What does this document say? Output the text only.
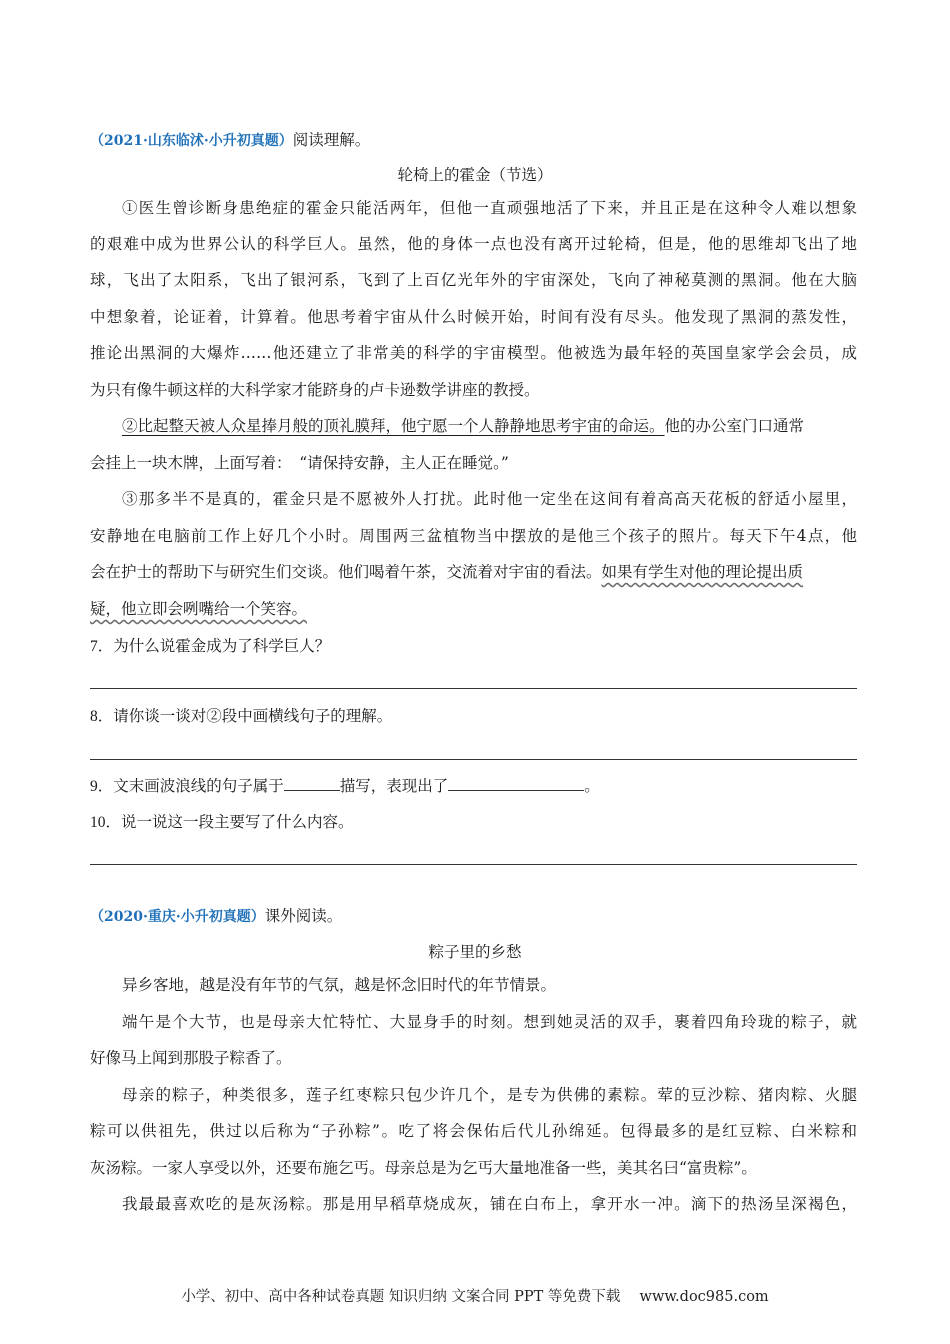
（2021·山东临沭·小升初真题）阅读理解。
轮椅上的霍金（节选）
①医生曾诊断身患绝症的霍金只能活两年，但他一直顽强地活了下来，并且正是在这种令人难以想象
的艰难中成为世界公认的科学巨人。虽然，他的身体一点也没有离开过轮椅，但是，他的思维却飞出了地
球，飞出了太阳系，飞出了银河系，飞到了上百亿光年外的宇宙深处，飞向了神秘莫测的黑洞。他在大脑
中想象着，论证着，计算着。他思考着宇宙从什么时候开始，时间有没有尽头。他发现了黑洞的蒸发性，
推论出黑洞的大爆炸……他还建立了非常美的科学的宇宙模型。他被选为最年轻的英国皇家学会会员，成
为只有像牛顿这样的大科学家才能跻身的卢卡逊数学讲座的教授。
②比起整天被人众星捧月般的顶礼膜拜，他宁愿一个人静静地思考宇宙的命运。他的办公室门口通常
会挂上一块木牌，上面写着：　“请保持安静，主人正在睡觉。”
③那多半不是真的，霍金只是不愿被外人打扰。此时他一定坐在这间有着高高天花板的舒适小屋里，
安静地在电脑前工作上好几个小时。周围两三盆植物当中摆放的是他三个孩子的照片。每天下午4点，他
会在护士的帮助下与研究生们交谈。他们喝着午茶，交流着对宇宙的看法。如果有学生对他的理论提出质
疑，他立即会咧嘴给一个笑容。
7．为什么说霍金成为了科学巨人？
8．请你谈一谈对②段中画横线句子的理解。
9．文末画波浪线的句子属于	描写，表现出了	。
10．说一说这一段主要写了什么内容。
（2020·重庆·小升初真题）课外阅读。
粽子里的乡愁
异乡客地，越是没有年节的气氛，越是怀念旧时代的年节情景。
端午是个大节，也是母亲大忙特忙、大显身手的时刻。想到她灵活的双手，裹着四角玲珑的粽子，就
好像马上闻到那股子粽香了。
母亲的粽子，种类很多，莲子红枣粽只包少许几个，是专为供佛的素粽。荤的豆沙粽、猪肉粽、火腿
粽可以供祖先，供过以后称为“子孙粽”。吃了将会保佑后代儿孙绵延。包得最多的是红豆粽、白米粽和
灰汤粽。一家人享受以外，还要布施乞丐。母亲总是为乞丐大量地准备一些，美其名曰“富贵粽”。
我最最喜欢吃的是灰汤粽。那是用早稻草烧成灰，铺在白布上，拿开水一冲。滴下的热汤呈深褐色，
小学、初中、高中各种试卷真题 知识归纳 文案合同 PPT 等免费下载　 www.doc985.com
